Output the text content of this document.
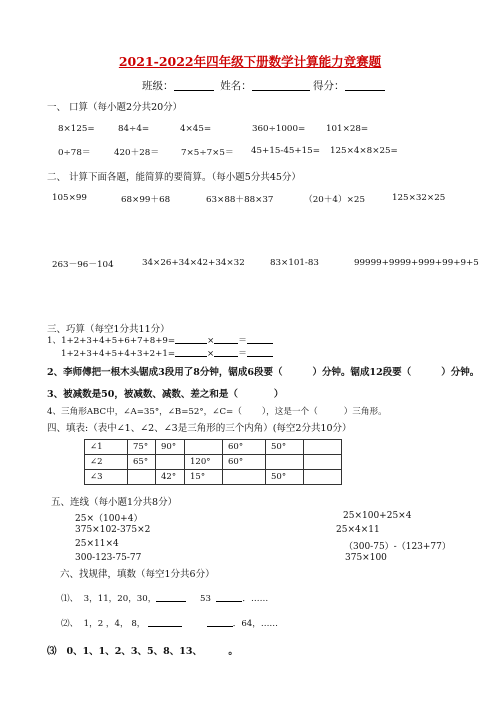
2021-2022年四年级下册数学计算能力竞赛题
班级：	姓名：	得分：
一、 口算（每小题2分共20分）
8×125=	84÷4=	4×45=	360÷1000= 101×28=
0÷78＝	420＋28＝	7×5÷7×5＝ 45+15-45+15= 125×4×8×25=
二、 计算下面各题，能简算的要简算。（每小题5分共45分）
105×99	68×99＋68	63×88＋88×37	（20＋4）×25	125×32×25
263－96－104	34×26+34×42+34×32	83×101-83	99999+9999+999+99+9+5
三、巧算（每空1分共11分）
1、1+2+3+4+5+6+7+8+9=	×	＝
1+2+3+4+5+4+3+2+1=	×	＝
2、李师傅把一根木头锯成3段用了8分钟，锯成6段要（	）分钟。锯成12段要（	）分钟。
3、被减数是50，被减数、减数、差之和是（	）
4、三角形ABC中，∠A=35°，∠B=52°，∠C=（ ），这是一个（	）三角形。
四、填表:（表中∠1、∠2、∠3是三角形的三个内角）(每空2分共10分）
∠1	75°	90°		60°	50°	
∠2	65°		120°	60°		
∠3		42°	15°		50°	
五、连线（每小题1分共8分）
25×（100+4）
375×102-375×2
25×11×4
300-123-75-77
25×100+25×4
25×4×11
（300-75）-（123+77）
375×100
六、找规律，填数（每空1分共6分）
⑴、 3，11，20，30，	53	．……
⑵、 1，2 ，4， 8，	．64，……
⑶ 0、1、1、2、3、5、8、13、	。
